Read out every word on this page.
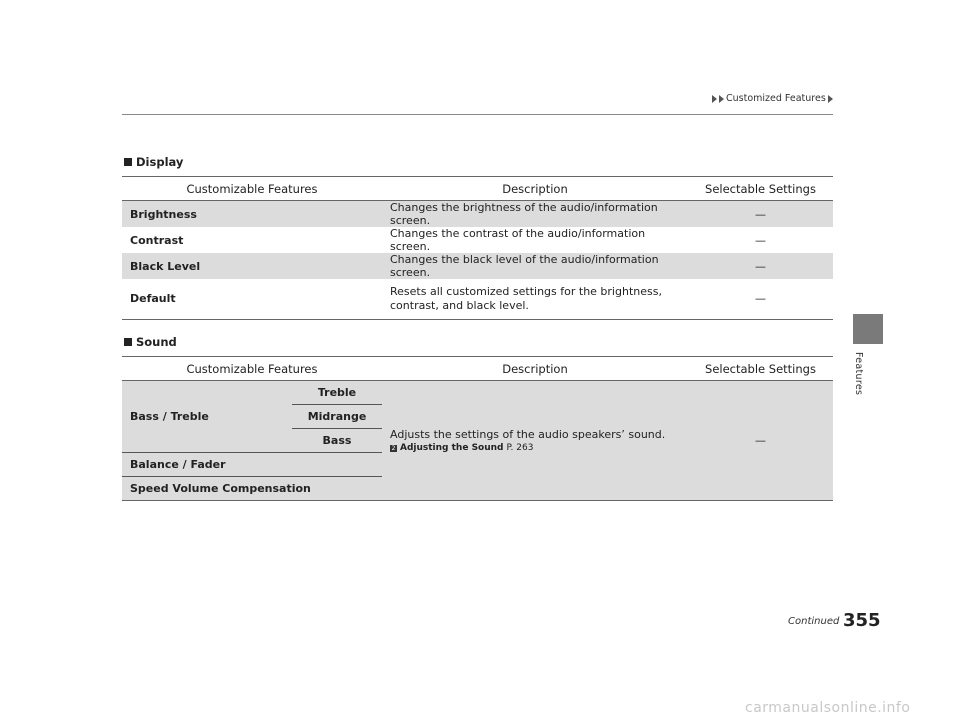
Customized Features
Features
Display
Customizable Features	Description	Selectable Settings
Brightness	Changes the brightness of the audio/information screen.	—
Contrast	Changes the contrast of the audio/information screen.	—
Black Level	Changes the black level of the audio/information screen.	—
Default	Resets all customized settings for the brightness,
contrast, and black level.	—
Sound
Customizable Features		Description	Selectable Settings
Bass / Treble	Treble	Adjusts the settings of the audio speakers’ sound.
2 Adjusting the Sound P. 263	—
	Midrange		
	Bass		
Balance / Fader			
Speed Volume Compensation			
Continued 355
carmanualsonline.info
